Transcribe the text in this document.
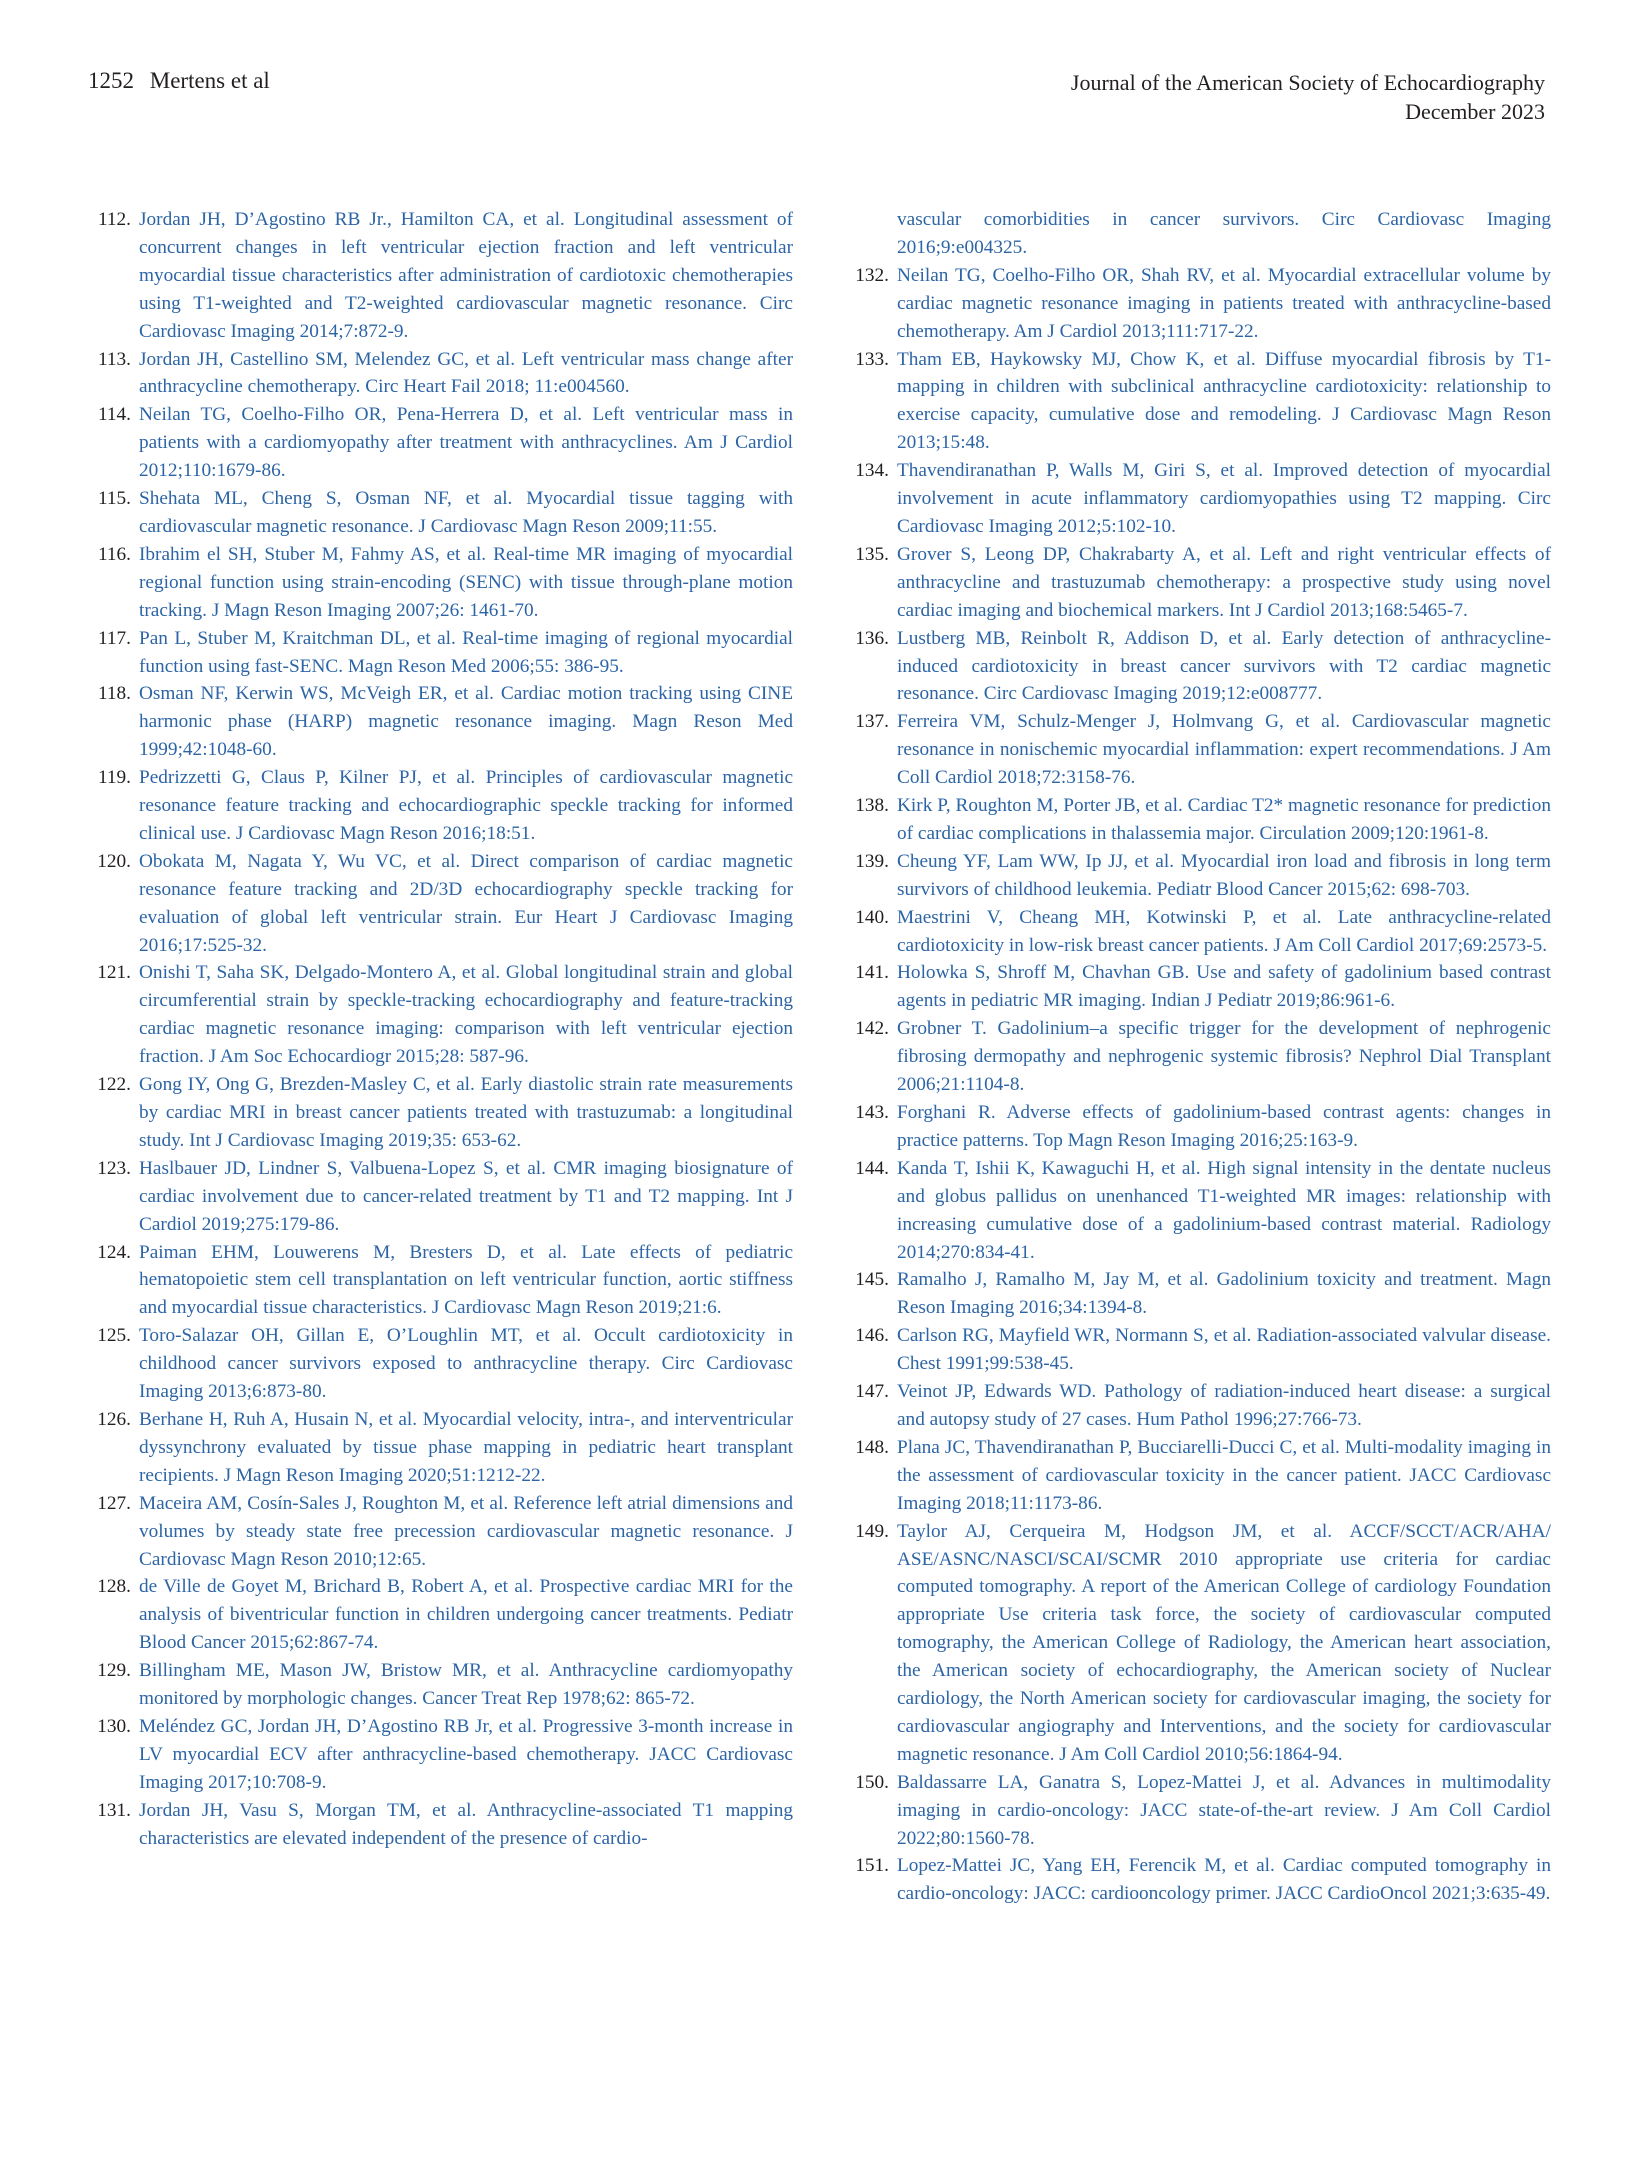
1252 Mertens et al	Journal of the American Society of Echocardiography
December 2023
112. Jordan JH, D’Agostino RB Jr., Hamilton CA, et al. Longitudinal assessment of concurrent changes in left ventricular ejection fraction and left ventricular myocardial tissue characteristics after administration of cardiotoxic chemotherapies using T1-weighted and T2-weighted cardiovascular magnetic resonance. Circ Cardiovasc Imaging 2014;7:872-9.
113. Jordan JH, Castellino SM, Melendez GC, et al. Left ventricular mass change after anthracycline chemotherapy. Circ Heart Fail 2018; 11:e004560.
114. Neilan TG, Coelho-Filho OR, Pena-Herrera D, et al. Left ventricular mass in patients with a cardiomyopathy after treatment with anthracyclines. Am J Cardiol 2012;110:1679-86.
115. Shehata ML, Cheng S, Osman NF, et al. Myocardial tissue tagging with cardiovascular magnetic resonance. J Cardiovasc Magn Reson 2009;11:55.
116. Ibrahim el SH, Stuber M, Fahmy AS, et al. Real-time MR imaging of myocardial regional function using strain-encoding (SENC) with tissue through-plane motion tracking. J Magn Reson Imaging 2007;26: 1461-70.
117. Pan L, Stuber M, Kraitchman DL, et al. Real-time imaging of regional myocardial function using fast-SENC. Magn Reson Med 2006;55: 386-95.
118. Osman NF, Kerwin WS, McVeigh ER, et al. Cardiac motion tracking using CINE harmonic phase (HARP) magnetic resonance imaging. Magn Reson Med 1999;42:1048-60.
119. Pedrizzetti G, Claus P, Kilner PJ, et al. Principles of cardiovascular magnetic resonance feature tracking and echocardiographic speckle tracking for informed clinical use. J Cardiovasc Magn Reson 2016;18:51.
120. Obokata M, Nagata Y, Wu VC, et al. Direct comparison of cardiac magnetic resonance feature tracking and 2D/3D echocardiography speckle tracking for evaluation of global left ventricular strain. Eur Heart J Cardiovasc Imaging 2016;17:525-32.
121. Onishi T, Saha SK, Delgado-Montero A, et al. Global longitudinal strain and global circumferential strain by speckle-tracking echocardiography and feature-tracking cardiac magnetic resonance imaging: comparison with left ventricular ejection fraction. J Am Soc Echocardiogr 2015;28: 587-96.
122. Gong IY, Ong G, Brezden-Masley C, et al. Early diastolic strain rate measurements by cardiac MRI in breast cancer patients treated with trastuzumab: a longitudinal study. Int J Cardiovasc Imaging 2019;35: 653-62.
123. Haslbauer JD, Lindner S, Valbuena-Lopez S, et al. CMR imaging biosignature of cardiac involvement due to cancer-related treatment by T1 and T2 mapping. Int J Cardiol 2019;275:179-86.
124. Paiman EHM, Louwerens M, Bresters D, et al. Late effects of pediatric hematopoietic stem cell transplantation on left ventricular function, aortic stiffness and myocardial tissue characteristics. J Cardiovasc Magn Reson 2019;21:6.
125. Toro-Salazar OH, Gillan E, O’Loughlin MT, et al. Occult cardiotoxicity in childhood cancer survivors exposed to anthracycline therapy. Circ Cardiovasc Imaging 2013;6:873-80.
126. Berhane H, Ruh A, Husain N, et al. Myocardial velocity, intra-, and interventricular dyssynchrony evaluated by tissue phase mapping in pediatric heart transplant recipients. J Magn Reson Imaging 2020;51:1212-22.
127. Maceira AM, Cosín-Sales J, Roughton M, et al. Reference left atrial dimensions and volumes by steady state free precession cardiovascular magnetic resonance. J Cardiovasc Magn Reson 2010;12:65.
128. de Ville de Goyet M, Brichard B, Robert A, et al. Prospective cardiac MRI for the analysis of biventricular function in children undergoing cancer treatments. Pediatr Blood Cancer 2015;62:867-74.
129. Billingham ME, Mason JW, Bristow MR, et al. Anthracycline cardiomyopathy monitored by morphologic changes. Cancer Treat Rep 1978;62: 865-72.
130. Meléndez GC, Jordan JH, D’Agostino RB Jr, et al. Progressive 3-month increase in LV myocardial ECV after anthracycline-based chemotherapy. JACC Cardiovasc Imaging 2017;10:708-9.
131. Jordan JH, Vasu S, Morgan TM, et al. Anthracycline-associated T1 mapping characteristics are elevated independent of the presence of cardio-
vascular comorbidities in cancer survivors. Circ Cardiovasc Imaging 2016;9:e004325.
132. Neilan TG, Coelho-Filho OR, Shah RV, et al. Myocardial extracellular volume by cardiac magnetic resonance imaging in patients treated with anthracycline-based chemotherapy. Am J Cardiol 2013;111:717-22.
133. Tham EB, Haykowsky MJ, Chow K, et al. Diffuse myocardial fibrosis by T1-mapping in children with subclinical anthracycline cardiotoxicity: relationship to exercise capacity, cumulative dose and remodeling. J Cardiovasc Magn Reson 2013;15:48.
134. Thavendiranathan P, Walls M, Giri S, et al. Improved detection of myocardial involvement in acute inflammatory cardiomyopathies using T2 mapping. Circ Cardiovasc Imaging 2012;5:102-10.
135. Grover S, Leong DP, Chakrabarty A, et al. Left and right ventricular effects of anthracycline and trastuzumab chemotherapy: a prospective study using novel cardiac imaging and biochemical markers. Int J Cardiol 2013;168:5465-7.
136. Lustberg MB, Reinbolt R, Addison D, et al. Early detection of anthracycline-induced cardiotoxicity in breast cancer survivors with T2 cardiac magnetic resonance. Circ Cardiovasc Imaging 2019;12:e008777.
137. Ferreira VM, Schulz-Menger J, Holmvang G, et al. Cardiovascular magnetic resonance in nonischemic myocardial inflammation: expert recommendations. J Am Coll Cardiol 2018;72:3158-76.
138. Kirk P, Roughton M, Porter JB, et al. Cardiac T2* magnetic resonance for prediction of cardiac complications in thalassemia major. Circulation 2009;120:1961-8.
139. Cheung YF, Lam WW, Ip JJ, et al. Myocardial iron load and fibrosis in long term survivors of childhood leukemia. Pediatr Blood Cancer 2015;62: 698-703.
140. Maestrini V, Cheang MH, Kotwinski P, et al. Late anthracycline-related cardiotoxicity in low-risk breast cancer patients. J Am Coll Cardiol 2017;69:2573-5.
141. Holowka S, Shroff M, Chavhan GB. Use and safety of gadolinium based contrast agents in pediatric MR imaging. Indian J Pediatr 2019;86:961-6.
142. Grobner T. Gadolinium–a specific trigger for the development of nephrogenic fibrosing dermopathy and nephrogenic systemic fibrosis? Nephrol Dial Transplant 2006;21:1104-8.
143. Forghani R. Adverse effects of gadolinium-based contrast agents: changes in practice patterns. Top Magn Reson Imaging 2016;25:163-9.
144. Kanda T, Ishii K, Kawaguchi H, et al. High signal intensity in the dentate nucleus and globus pallidus on unenhanced T1-weighted MR images: relationship with increasing cumulative dose of a gadolinium-based contrast material. Radiology 2014;270:834-41.
145. Ramalho J, Ramalho M, Jay M, et al. Gadolinium toxicity and treatment. Magn Reson Imaging 2016;34:1394-8.
146. Carlson RG, Mayfield WR, Normann S, et al. Radiation-associated valvular disease. Chest 1991;99:538-45.
147. Veinot JP, Edwards WD. Pathology of radiation-induced heart disease: a surgical and autopsy study of 27 cases. Hum Pathol 1996;27:766-73.
148. Plana JC, Thavendiranathan P, Bucciarelli-Ducci C, et al. Multi-modality imaging in the assessment of cardiovascular toxicity in the cancer patient. JACC Cardiovasc Imaging 2018;11:1173-86.
149. Taylor AJ, Cerqueira M, Hodgson JM, et al. ACCF/SCCT/ACR/AHA/ ASE/ASNC/NASCI/SCAI/SCMR 2010 appropriate use criteria for cardiac computed tomography. A report of the American College of cardiology Foundation appropriate Use criteria task force, the society of cardiovascular computed tomography, the American College of Radiology, the American heart association, the American society of echocardiography, the American society of Nuclear cardiology, the North American society for cardiovascular imaging, the society for cardiovascular angiography and Interventions, and the society for cardiovascular magnetic resonance. J Am Coll Cardiol 2010;56:1864-94.
150. Baldassarre LA, Ganatra S, Lopez-Mattei J, et al. Advances in multimodality imaging in cardio-oncology: JACC state-of-the-art review. J Am Coll Cardiol 2022;80:1560-78.
151. Lopez-Mattei JC, Yang EH, Ferencik M, et al. Cardiac computed tomography in cardio-oncology: JACC: cardiooncology primer. JACC CardioOncol 2021;3:635-49.
